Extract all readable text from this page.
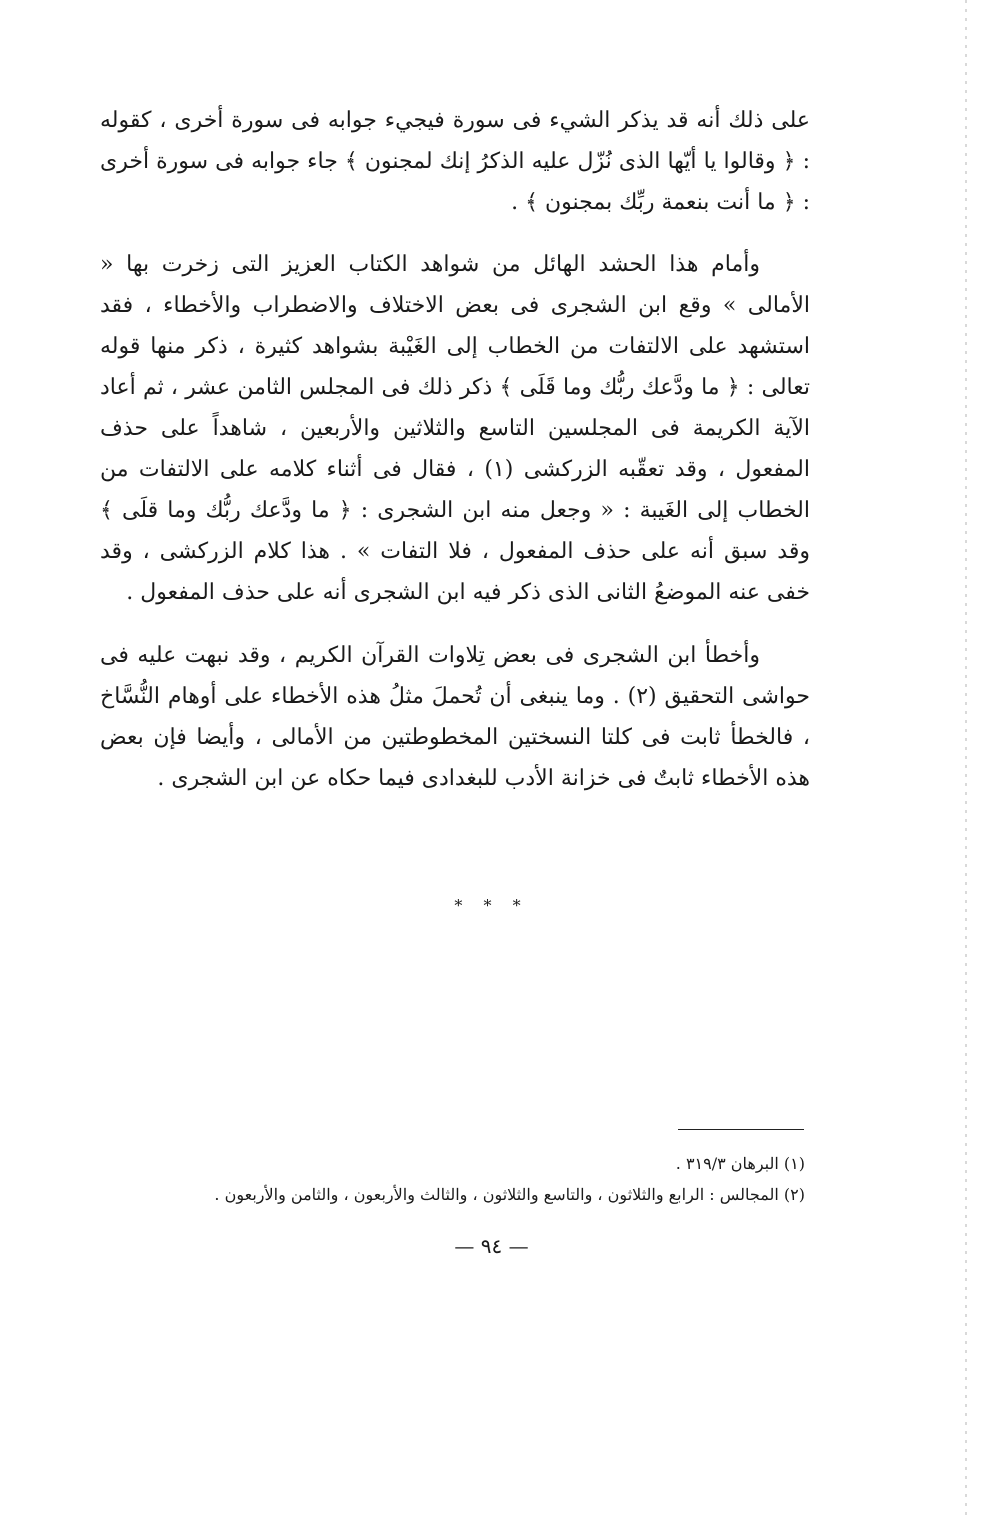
على ذلك أنه قد يذكر الشيء فى سورة فيجيء جوابه فى سورة أخرى ، كقوله : ﴿ وقالوا يا أيّها الذى نُزّل عليه الذكرُ إنك لمجنون ﴾ جاء جوابه فى سورة أخرى : ﴿ ما أنت بنعمة ربِّك بمجنون ﴾ .

وأمام هذا الحشد الهائل من شواهد الكتاب العزيز التى زخرت بها « الأمالى » وقع ابن الشجرى فى بعض الاختلاف والاضطراب والأخطاء ، فقد استشهد على الالتفات من الخطاب إلى الغَيْبة بشواهد كثيرة ، ذكر منها قوله تعالى : ﴿ ما ودَّعك ربُّك وما قَلَى ﴾ ذكر ذلك فى المجلس الثامن عشر ، ثم أعاد الآية الكريمة فى المجلسين التاسع والثلاثين والأربعين ، شاهداً على حذف المفعول ، وقد تعقّبه الزركشى (١) ، فقال فى أثناء كلامه على الالتفات من الخطاب إلى الغَيبة : « وجعل منه ابن الشجرى : ﴿ ما ودَّعك ربُّك وما قلَى ﴾ وقد سبق أنه على حذف المفعول ، فلا التفات » . هذا كلام الزركشى ، وقد خفى عنه الموضعُ الثانى الذى ذكر فيه ابن الشجرى أنه على حذف المفعول .

وأخطأ ابن الشجرى فى بعض تِلاوات القرآن الكريم ، وقد نبهت عليه فى حواشى التحقيق (٢) . وما ينبغى أن تُحملَ مثلُ هذه الأخطاء على أوهام النُّسَّاخ ، فالخطأ ثابت فى كلتا النسختين المخطوطتين من الأمالى ، وأيضا فإن بعض هذه الأخطاء ثابتٌ فى خزانة الأدب للبغدادى فيما حكاه عن ابن الشجرى .

* * *
(١) البرهان ٣١٩/٣ .
(٢) المجالس : الرابع والثلاثون ، والتاسع والثلاثون ، والثالث والأربعون ، والثامن والأربعون .
— ٩٤ —
